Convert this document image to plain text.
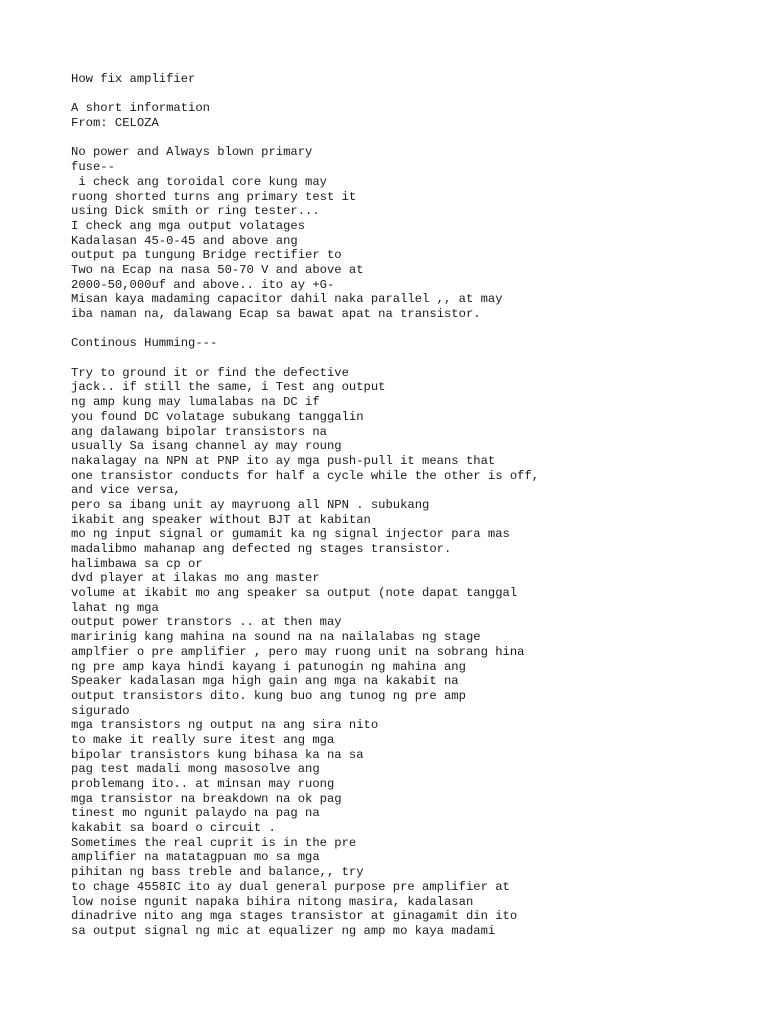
How fix amplifier
A short information
From: CELOZA
No power and Always blown primary
fuse--
i check ang toroidal core kung may
ruong shorted turns ang primary test it
using Dick smith or ring tester...
I check ang mga output volatages
Kadalasan 45-0-45 and above ang
output pa tungung Bridge rectifier to
Two na Ecap na nasa 50-70 V and above at
2000-50,000uf and above.. ito ay +G-
Misan kaya madaming capacitor dahil naka parallel ,, at may
iba naman na, dalawang Ecap sa bawat apat na transistor.
Continous Humming---
Try to ground it or find the defective
jack.. if still the same, i Test ang output
ng amp kung may lumalabas na DC if
you found DC volatage subukang tanggalin
ang dalawang bipolar transistors na
usually Sa isang channel ay may roung
nakalagay na NPN at PNP ito ay mga push-pull it means that
one transistor conducts for half a cycle while the other is off,
and vice versa,
pero sa ibang unit ay mayruong all NPN . subukang
ikabit ang speaker without BJT at kabitan
mo ng input signal or gumamit ka ng signal injector para mas
madalibmo mahanap ang defected ng stages transistor.
halimbawa sa cp or
dvd player at ilakas mo ang master
volume at ikabit mo ang speaker sa output (note dapat tanggal
lahat ng mga
output power transtors .. at then may
maririnig kang mahina na sound na na nailalabas ng stage
amplfier o pre amplifier , pero may ruong unit na sobrang hina
ng pre amp kaya hindi kayang i patunogin ng mahina ang
Speaker kadalasan mga high gain ang mga na kakabit na
output transistors dito. kung buo ang tunog ng pre amp
sigurado
mga transistors ng output na ang sira nito
to make it really sure itest ang mga
bipolar transistors kung bihasa ka na sa
pag test madali mong masosolve ang
problemang ito.. at minsan may ruong
mga transistor na breakdown na ok pag
tinest mo ngunit palaydo na pag na
kakabit sa board o circuit .
Sometimes the real cuprit is in the pre
amplifier na matatagpuan mo sa mga
pihitan ng bass treble and balance,, try
to chage 4558IC ito ay dual general purpose pre amplifier at
low noise ngunit napaka bihira nitong masira, kadalasan
dinadrive nito ang mga stages transistor at ginagamit din ito
sa output signal ng mic at equalizer ng amp mo kaya madami
